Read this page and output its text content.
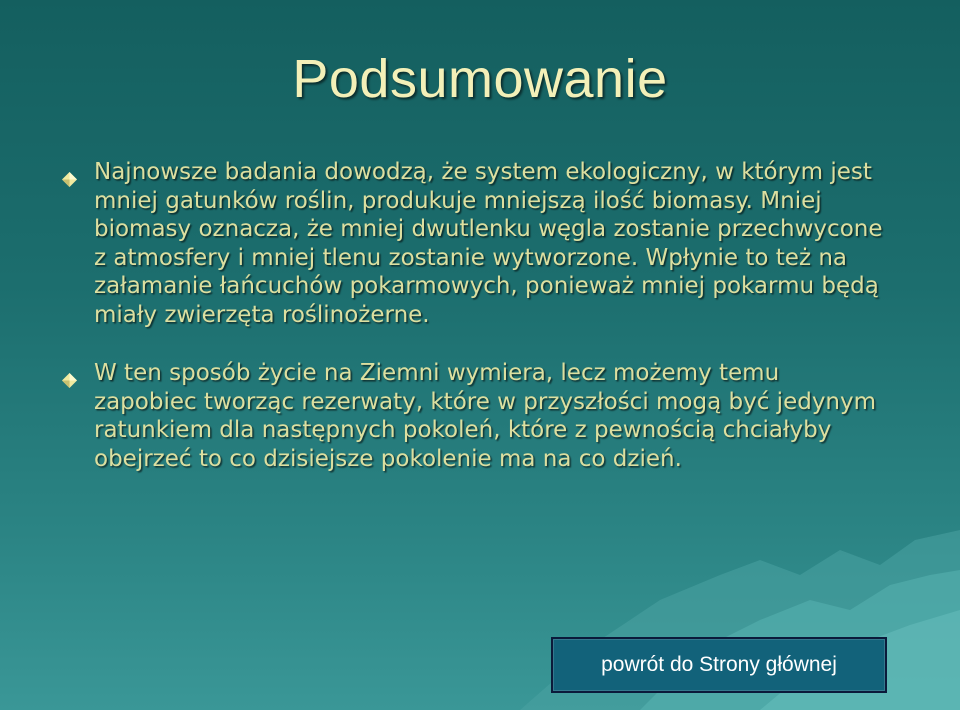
Podsumowanie
Najnowsze badania dowodzą, że system ekologiczny, w którym jest mniej gatunków roślin, produkuje mniejszą ilość biomasy. Mniej biomasy oznacza, że mniej dwutlenku węgla zostanie przechwycone z atmosfery i mniej tlenu zostanie wytworzone. Wpłynie to też na załamanie łańcuchów pokarmowych, ponieważ mniej pokarmu będą miały zwierzęta roślinożerne.
W ten sposób życie na Ziemni wymiera, lecz możemy temu zapobiec tworząc rezerwaty, które w przyszłości mogą być jedynym ratunkiem dla następnych pokoleń, które z pewnością chciałyby obejrzeć to co dzisiejsze pokolenie ma na co dzień.
powrót do Strony głównej
